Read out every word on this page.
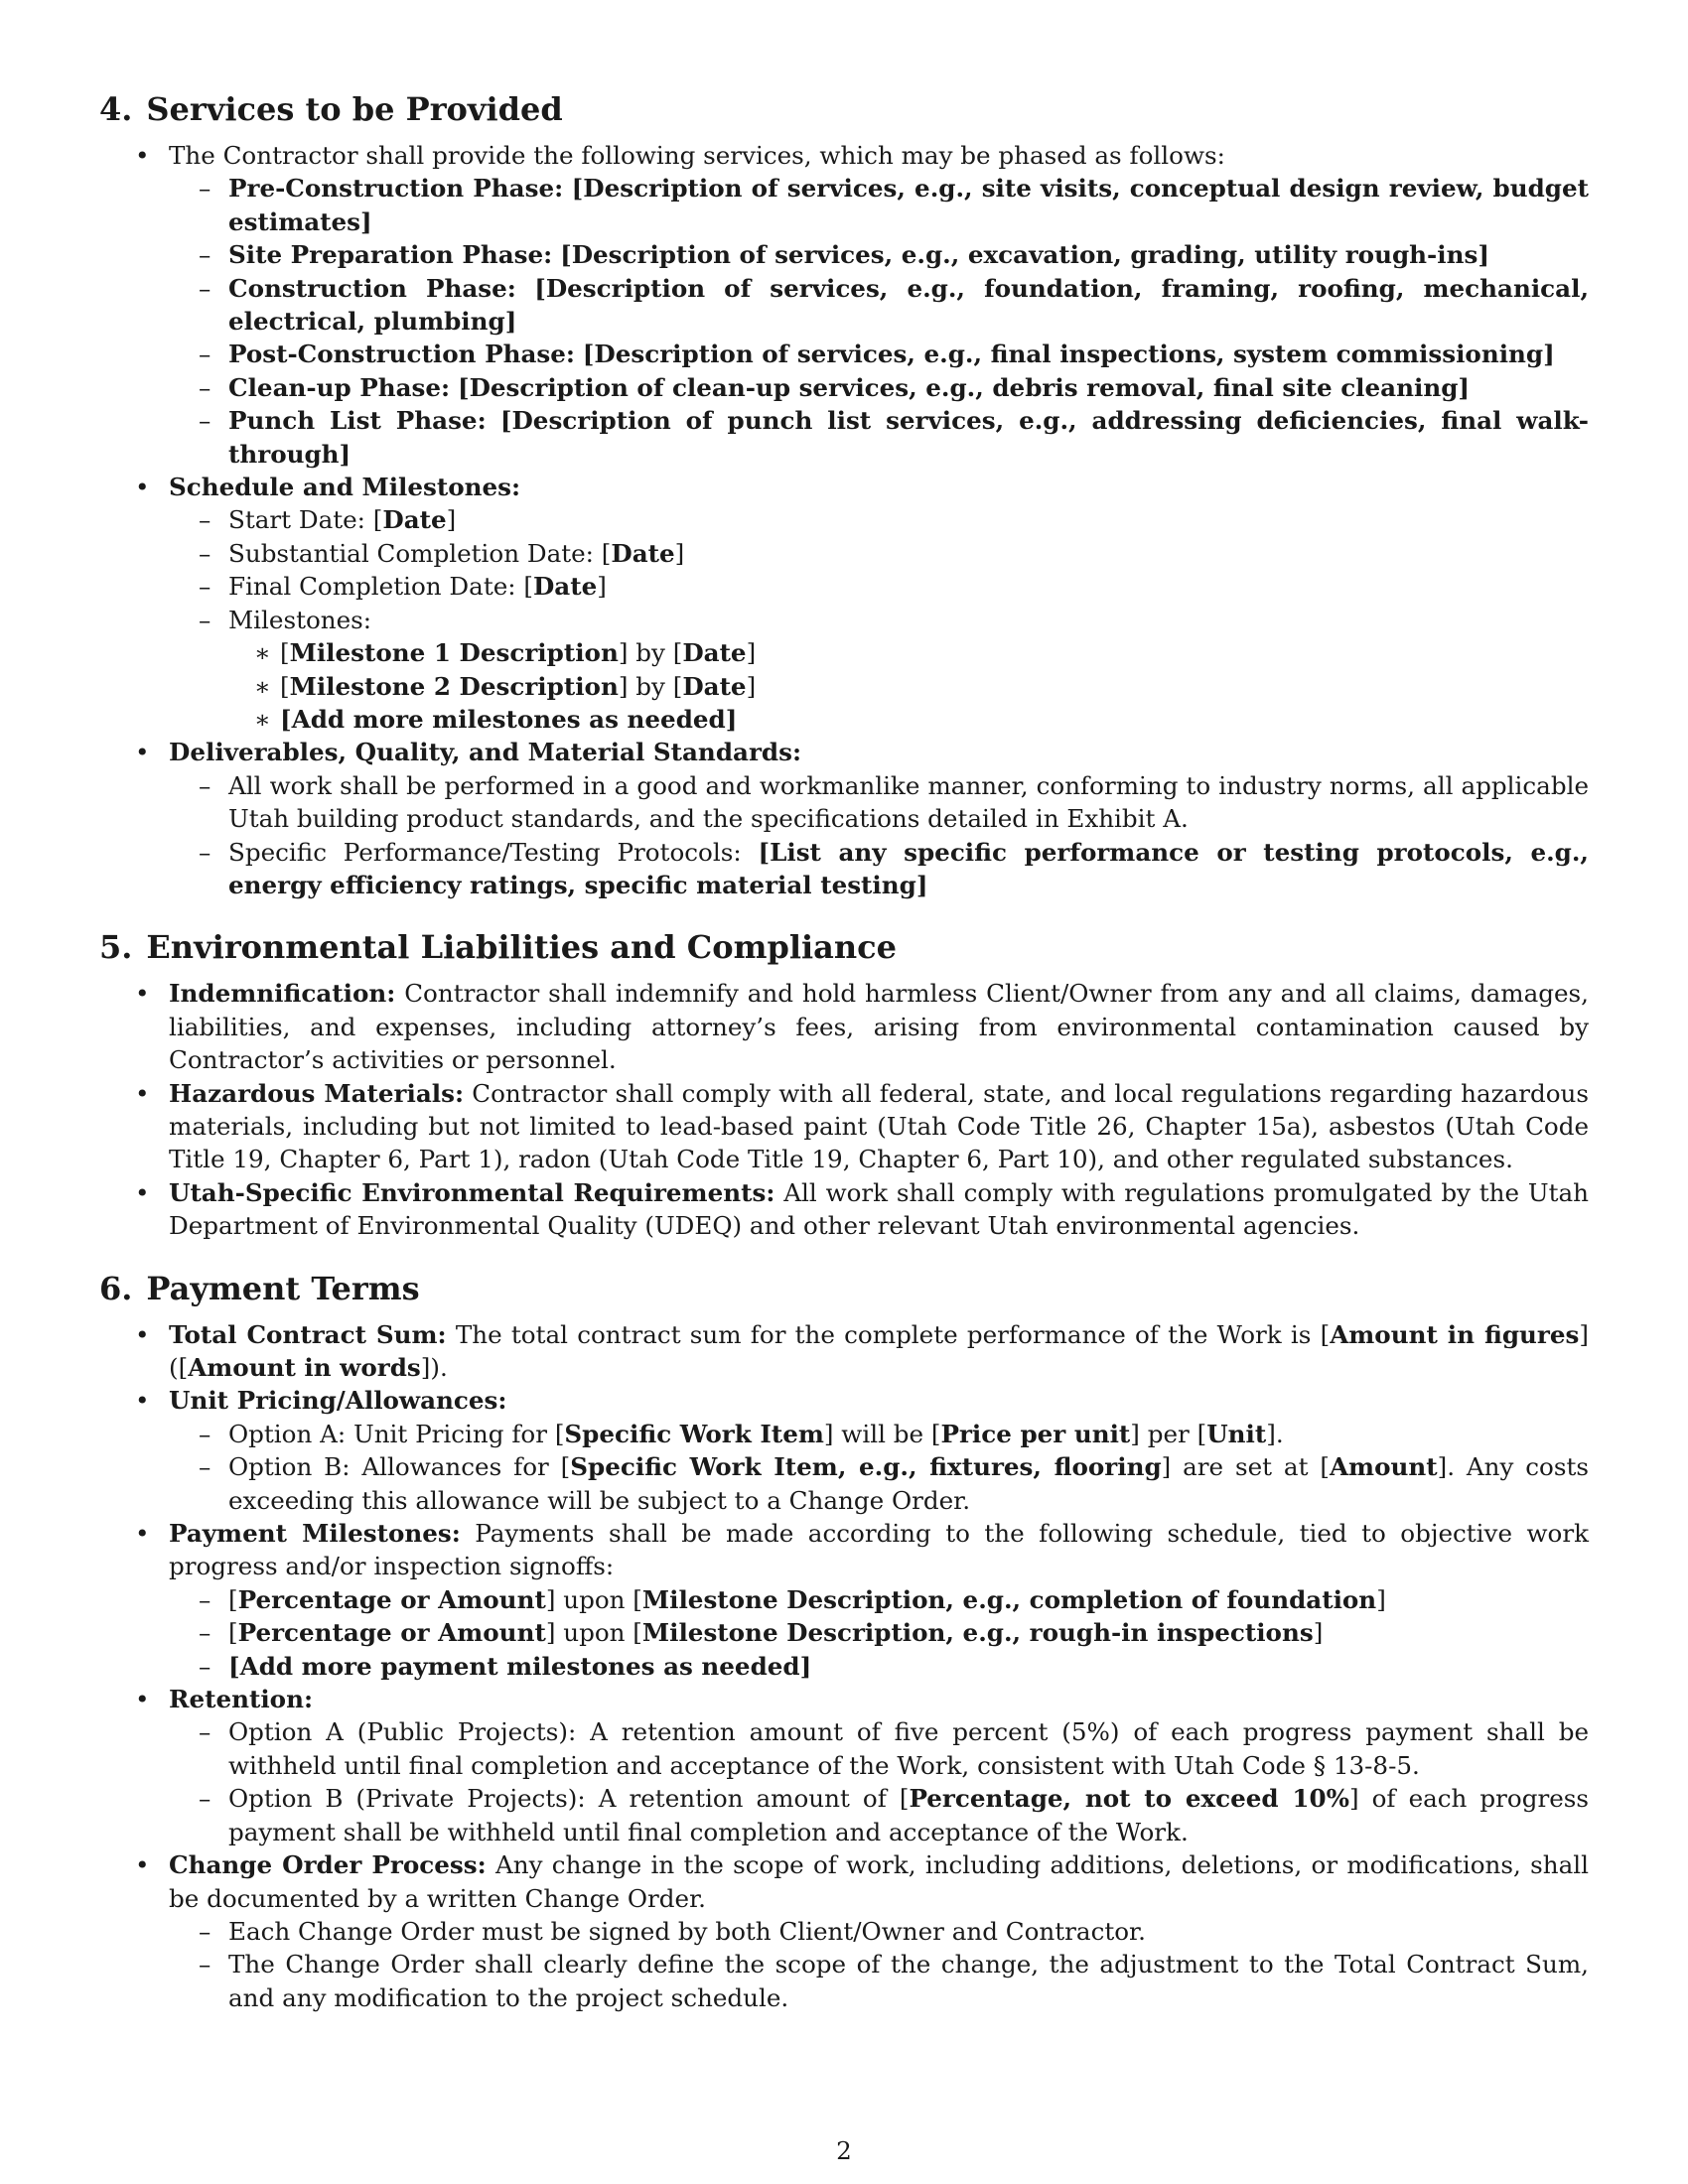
4. Services to be Provided
• The Contractor shall provide the following services, which may be phased as follows:
– Pre-Construction Phase: [Description of services, e.g., site visits, conceptual design review, budget estimates]
– Site Preparation Phase: [Description of services, e.g., excavation, grading, utility rough-ins]
– Construction Phase: [Description of services, e.g., foundation, framing, roofing, mechanical, electrical, plumbing]
– Post-Construction Phase: [Description of services, e.g., final inspections, system commissioning]
– Clean-up Phase: [Description of clean-up services, e.g., debris removal, final site cleaning]
– Punch List Phase: [Description of punch list services, e.g., addressing deficiencies, final walk-through]
• Schedule and Milestones:
– Start Date: [Date]
– Substantial Completion Date: [Date]
– Final Completion Date: [Date]
– Milestones:
∗ [Milestone 1 Description] by [Date]
∗ [Milestone 2 Description] by [Date]
∗ [Add more milestones as needed]
• Deliverables, Quality, and Material Standards:
– All work shall be performed in a good and workmanlike manner, conforming to industry norms, all applicable Utah building product standards, and the specifications detailed in Exhibit A.
– Specific Performance/Testing Protocols: [List any specific performance or testing protocols, e.g., energy efficiency ratings, specific material testing]
5. Environmental Liabilities and Compliance
• Indemnification: Contractor shall indemnify and hold harmless Client/Owner from any and all claims, damages, liabilities, and expenses, including attorney’s fees, arising from environmental contamination caused by Contractor’s activities or personnel.
• Hazardous Materials: Contractor shall comply with all federal, state, and local regulations regarding hazardous materials, including but not limited to lead-based paint (Utah Code Title 26, Chapter 15a), asbestos (Utah Code Title 19, Chapter 6, Part 1), radon (Utah Code Title 19, Chapter 6, Part 10), and other regulated substances.
• Utah-Specific Environmental Requirements: All work shall comply with regulations promulgated by the Utah Department of Environmental Quality (UDEQ) and other relevant Utah environmental agencies.
6. Payment Terms
• Total Contract Sum: The total contract sum for the complete performance of the Work is [Amount in figures] ([Amount in words]).
• Unit Pricing/Allowances:
– Option A: Unit Pricing for [Specific Work Item] will be [Price per unit] per [Unit].
– Option B: Allowances for [Specific Work Item, e.g., fixtures, flooring] are set at [Amount]. Any costs exceeding this allowance will be subject to a Change Order.
• Payment Milestones: Payments shall be made according to the following schedule, tied to objective work progress and/or inspection signoffs:
– [Percentage or Amount] upon [Milestone Description, e.g., completion of foundation]
– [Percentage or Amount] upon [Milestone Description, e.g., rough-in inspections]
– [Add more payment milestones as needed]
• Retention:
– Option A (Public Projects): A retention amount of five percent (5%) of each progress payment shall be withheld until final completion and acceptance of the Work, consistent with Utah Code § 13-8-5.
– Option B (Private Projects): A retention amount of [Percentage, not to exceed 10%] of each progress payment shall be withheld until final completion and acceptance of the Work.
• Change Order Process: Any change in the scope of work, including additions, deletions, or modifications, shall be documented by a written Change Order.
– Each Change Order must be signed by both Client/Owner and Contractor.
– The Change Order shall clearly define the scope of the change, the adjustment to the Total Contract Sum, and any modification to the project schedule.
2
